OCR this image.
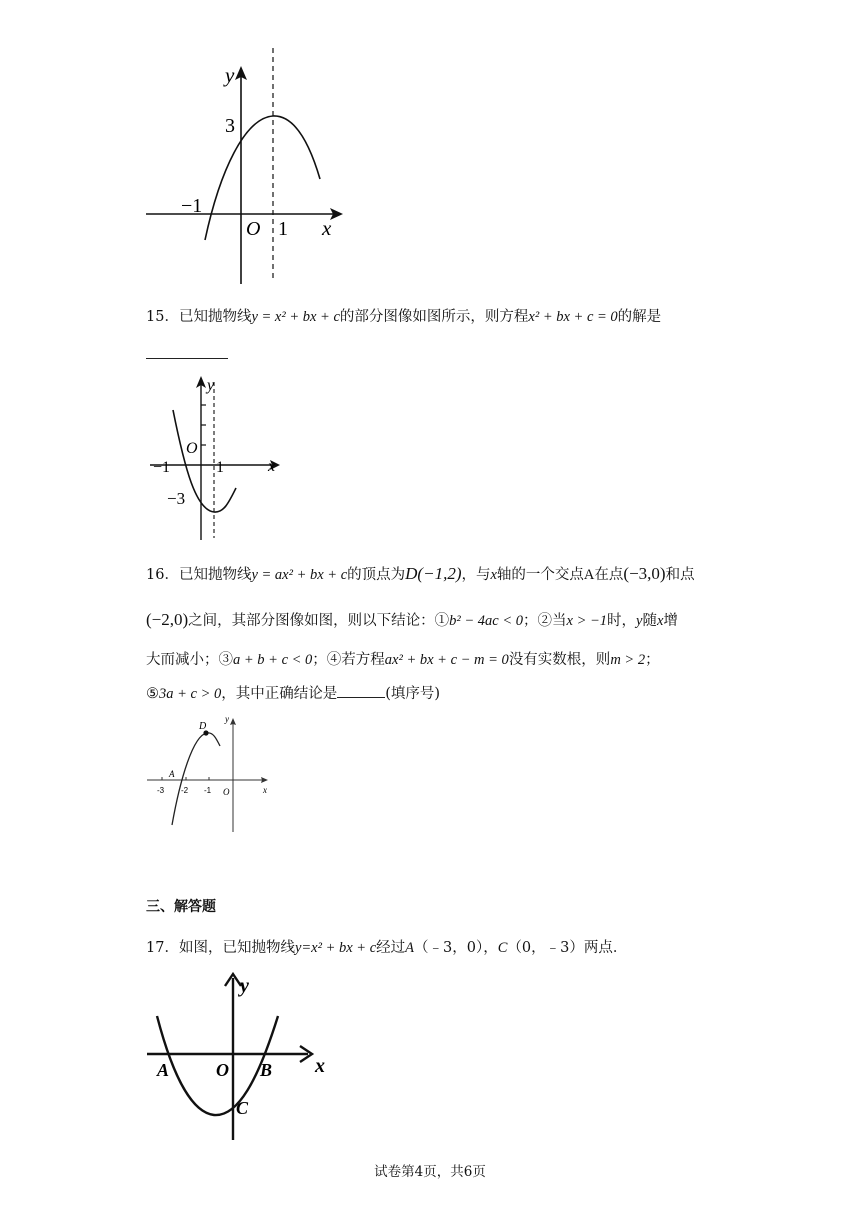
y
3
−1
O 1 x
15．已知抛物线y = x² + bx + c的部分图像如图所示，则方程x² + bx + c = 0的解是
y
O
−1	1	x
−3
16．已知抛物线y = ax² + bx + c的顶点为D(−1,2)，与x轴的一个交点A在点(−3,0)和点
(−2,0)之间，其部分图像如图，则以下结论：①b² − 4ac < 0；②当x > −1时，y随x增
大而减小；③a + b + c < 0；④若方程ax² + bx + c − m = 0没有实数根，则m > 2；
⑤3a + c > 0，其中正确结论是	(填序号)
D
y
A
-3 -2 -1 O	x
三、解答题
17．如图，已知抛物线y=x² + bx + c经过A（﹣3，0），C（0，﹣3）两点．
y
x
A	O B
C
试卷第4页，共6页
